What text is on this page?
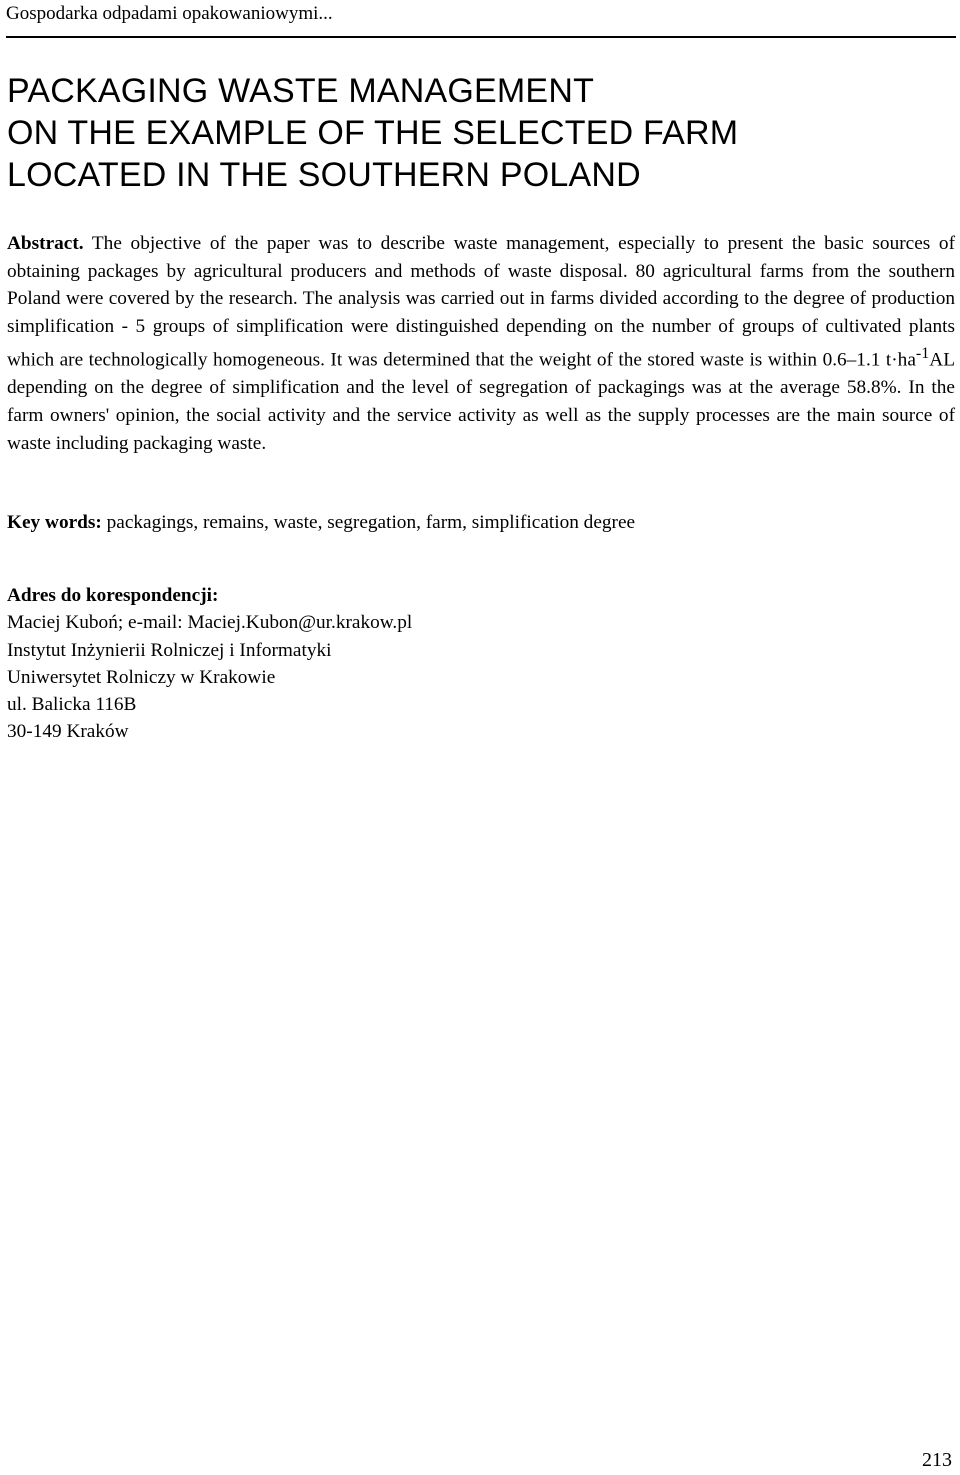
Gospodarka odpadami opakowaniowymi...
PACKAGING WASTE MANAGEMENT
ON THE EXAMPLE OF THE SELECTED FARM
LOCATED IN THE SOUTHERN POLAND

Abstract. The objective of the paper was to describe waste management, especially to present the basic sources of obtaining packages by agricultural producers and methods of waste disposal. 80 agricultural farms from the southern Poland were covered by the research. The analysis was carried out in farms divided according to the degree of production simplification - 5 groups of simplification were distinguished depending on the number of groups of cultivated plants which are technologically homogeneous. It was determined that the weight of the stored waste is within 0.6–1.1 $t\cdot ha^{-1}AL$ depending on the degree of simplification and the level of segregation of packagings was at the average 58.8%. In the farm owners' opinion, the social activity and the service activity as well as the supply processes are the main source of waste including packaging waste.

Key words: packagings, remains, waste, segregation, farm, simplification degree

Adres do korespondencji:
Maciej Kuboń; e-mail: Maciej.Kubon@ur.krakow.pl
Instytut Inżynierii Rolniczej i Informatyki
Uniwersytet Rolniczy w Krakowie
ul. Balicka 116B
30-149 Kraków
213
